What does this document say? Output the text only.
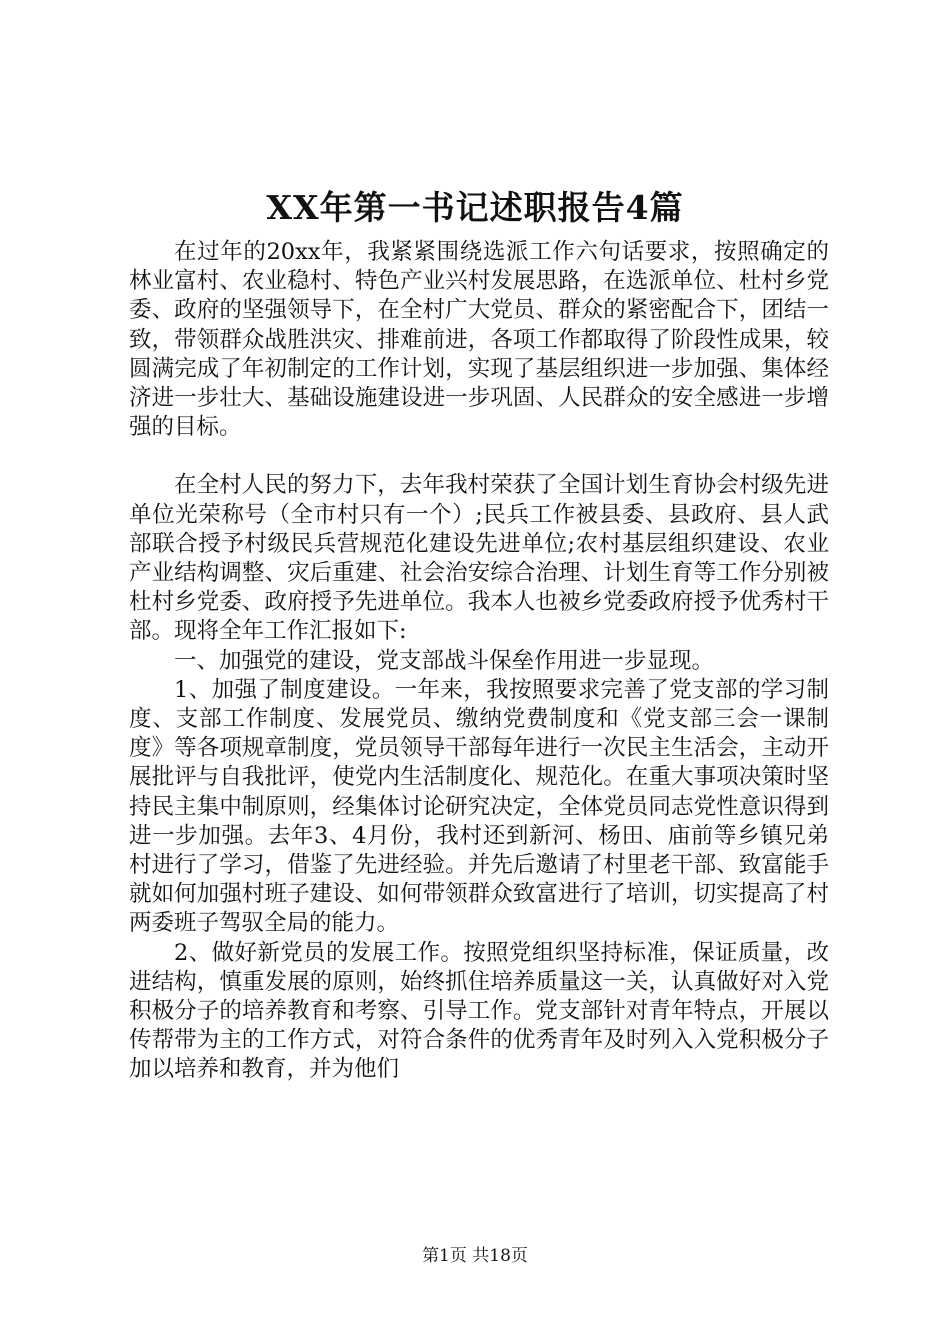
XX年第一书记述职报告4篇

在过年的20xx年，我紧紧围绕选派工作六句话要求，按照确定的林业富村、农业稳村、特色产业兴村发展思路，在选派单位、杜村乡党委、政府的坚强领导下，在全村广大党员、群众的紧密配合下，团结一致，带领群众战胜洪灾、排难前进，各项工作都取得了阶段性成果，较圆满完成了年初制定的工作计划，实现了基层组织进一步加强、集体经济进一步壮大、基础设施建设进一步巩固、人民群众的安全感进一步增强的目标。

在全村人民的努力下，去年我村荣获了全国计划生育协会村级先进单位光荣称号（全市村只有一个）;民兵工作被县委、县政府、县人武部联合授予村级民兵营规范化建设先进单位;农村基层组织建设、农业产业结构调整、灾后重建、社会治安综合治理、计划生育等工作分别被杜村乡党委、政府授予先进单位。我本人也被乡党委政府授予优秀村干部。现将全年工作汇报如下:

一、加强党的建设，党支部战斗保垒作用进一步显现。

1、加强了制度建设。一年来，我按照要求完善了党支部的学习制度、支部工作制度、发展党员、缴纳党费制度和《党支部三会一课制度》等各项规章制度，党员领导干部每年进行一次民主生活会，主动开展批评与自我批评，使党内生活制度化、规范化。在重大事项决策时坚持民主集中制原则，经集体讨论研究决定，全体党员同志党性意识得到进一步加强。去年3、4月份，我村还到新河、杨田、庙前等乡镇兄弟村进行了学习，借鉴了先进经验。并先后邀请了村里老干部、致富能手就如何加强村班子建设、如何带领群众致富进行了培训，切实提高了村两委班子驾驭全局的能力。

2、做好新党员的发展工作。按照党组织坚持标准，保证质量，改进结构，慎重发展的原则，始终抓住培养质量这一关，认真做好对入党积极分子的培养教育和考察、引导工作。党支部针对青年特点，开展以传帮带为主的工作方式，对符合条件的优秀青年及时列入入党积极分子加以培养和教育，并为他们

第1页 共18页
